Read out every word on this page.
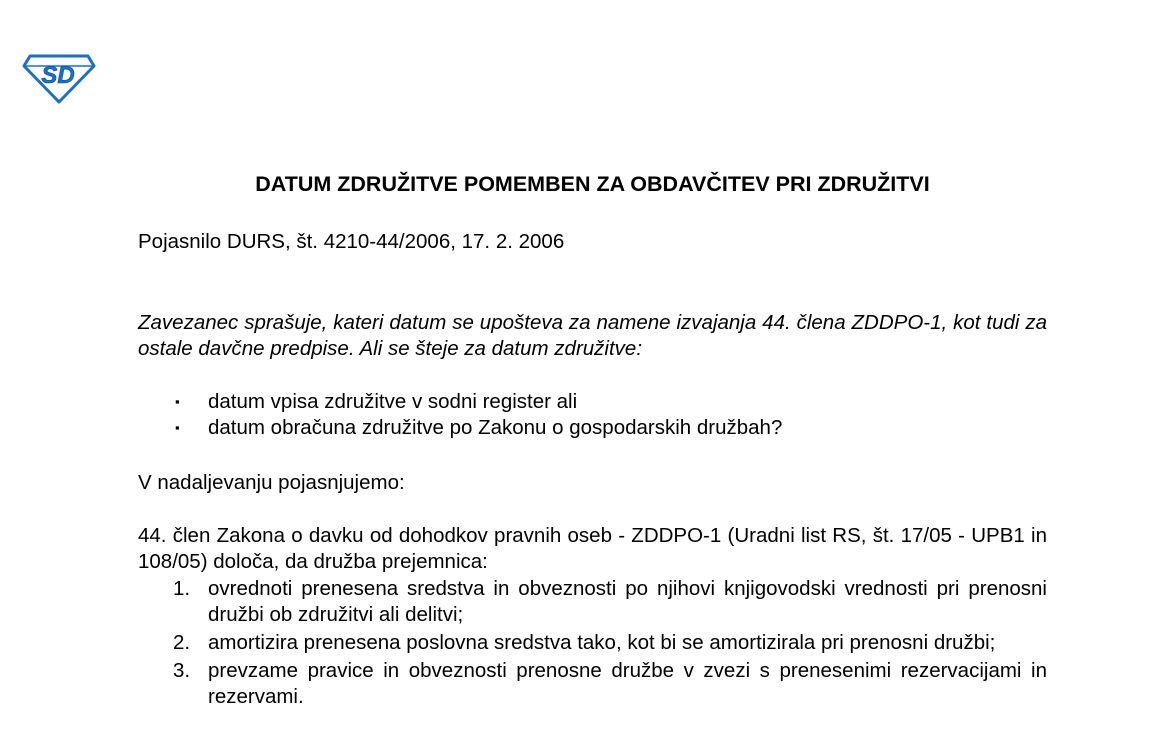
SD
DATUM ZDRUŽITVE POMEMBEN ZA OBDAVČITEV PRI ZDRUŽITVI
Pojasnilo DURS, št. 4210-44/2006, 17. 2. 2006
Zavezanec sprašuje, kateri datum se upošteva za namene izvajanja 44. člena ZDDPO-1, kot tudi za ostale davčne predpise. Ali se šteje za datum združitve:
▪ datum vpisa združitve v sodni register ali
▪ datum obračuna združitve po Zakonu o gospodarskih družbah?
V nadaljevanju pojasnjujemo:
44. člen Zakona o davku od dohodkov pravnih oseb - ZDDPO-1 (Uradni list RS, št. 17/05 - UPB1 in 108/05) določa, da družba prejemnica:
1. ovrednoti prenesena sredstva in obveznosti po njihovi knjigovodski vrednosti pri prenosni družbi ob združitvi ali delitvi;
2. amortizira prenesena poslovna sredstva tako, kot bi se amortizirala pri prenosni družbi;
3. prevzame pravice in obveznosti prenosne družbe v zvezi s prenesenimi rezervacijami in rezervami.
